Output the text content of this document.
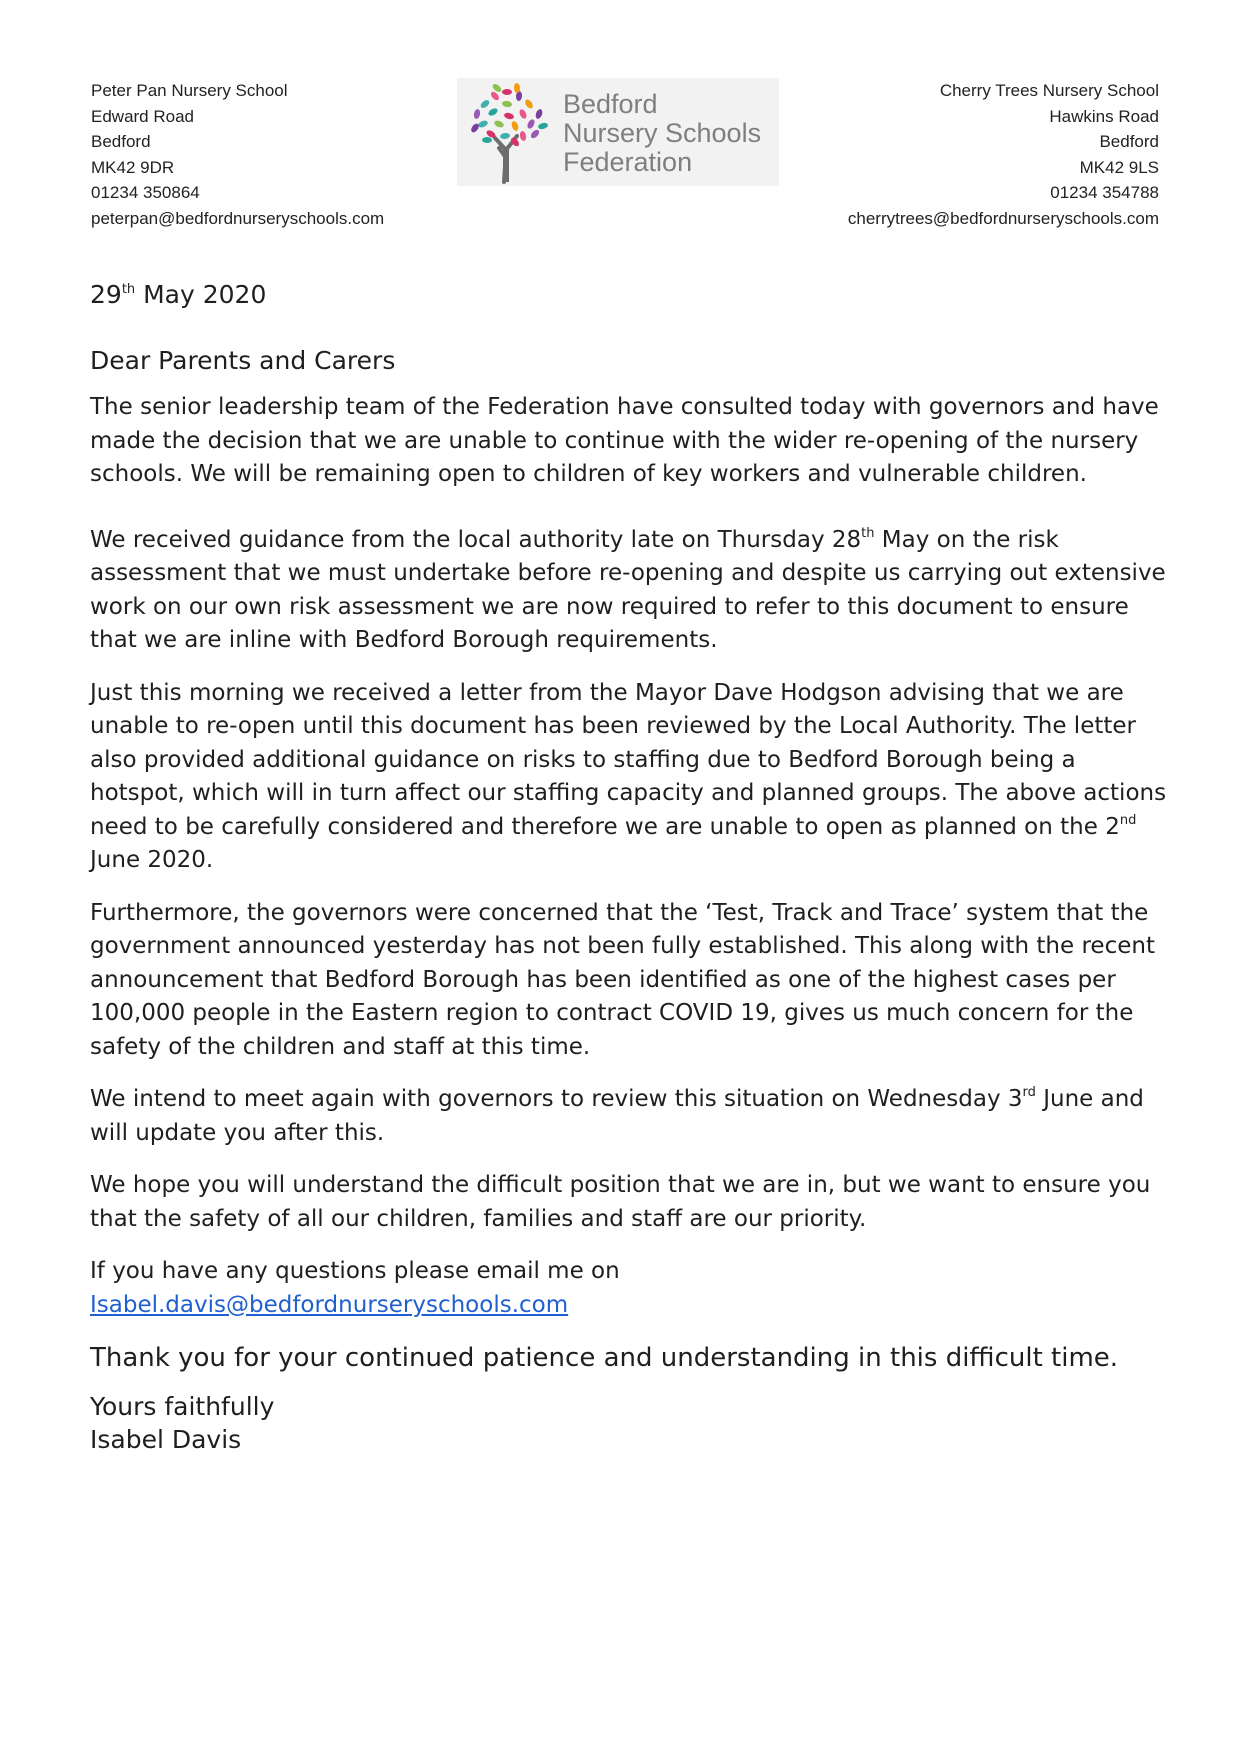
Peter Pan Nursery School
Edward Road
Bedford
MK42 9DR
01234 350864
peterpan@bedfordnurseryschools.com
Bedford
Nursery Schools
Federation
Cherry Trees Nursery School
Hawkins Road
Bedford
MK42 9LS
01234 354788
cherrytrees@bedfordnurseryschools.com
29th May 2020
Dear Parents and Carers
The senior leadership team of the Federation have consulted today with governors and have made the decision that we are unable to continue with the wider re-opening of the nursery schools. We will be remaining open to children of key workers and vulnerable children.
We received guidance from the local authority late on Thursday 28th May on the risk assessment that we must undertake before re-opening and despite us carrying out extensive work on our own risk assessment we are now required to refer to this document to ensure that we are inline with Bedford Borough requirements.
Just this morning we received a letter from the Mayor Dave Hodgson advising that we are unable to re-open until this document has been reviewed by the Local Authority. The letter also provided additional guidance on risks to staffing due to Bedford Borough being a hotspot, which will in turn affect our staffing capacity and planned groups. The above actions need to be carefully considered and therefore we are unable to open as planned on the 2nd June 2020.
Furthermore, the governors were concerned that the ‘Test, Track and Trace’ system that the government announced yesterday has not been fully established. This along with the recent announcement that Bedford Borough has been identified as one of the highest cases per 100,000 people in the Eastern region to contract COVID 19, gives us much concern for the safety of the children and staff at this time.
We intend to meet again with governors to review this situation on Wednesday 3rd June and will update you after this.
We hope you will understand the difficult position that we are in, but we want to ensure you that the safety of all our children, families and staff are our priority.
If you have any questions please email me on
Isabel.davis@bedfordnurseryschools.com
Thank you for your continued patience and understanding in this difficult time.
Yours faithfully
Isabel Davis
